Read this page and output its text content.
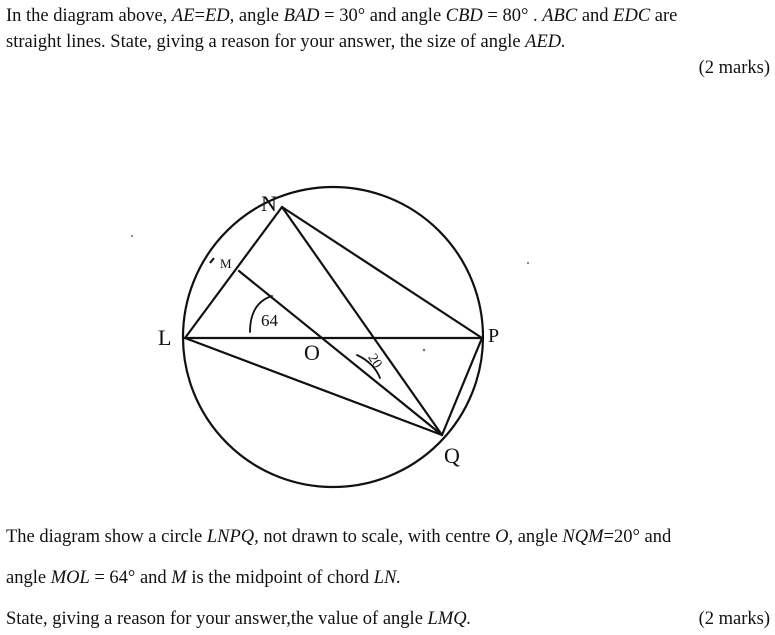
In the diagram above, AE=ED, angle BAD = 30° and angle CBD = 80° . ABC and EDC are
straight lines. State, giving a reason for your answer, the size of angle AED.
(2 marks)
N
M
L
O
P
Q
64
20
The diagram show a circle LNPQ, not drawn to scale, with centre O, angle NQM=20° and
angle MOL = 64° and M is the midpoint of chord LN.
State, giving a reason for your answer,the value of angle LMQ.	(2 marks)
